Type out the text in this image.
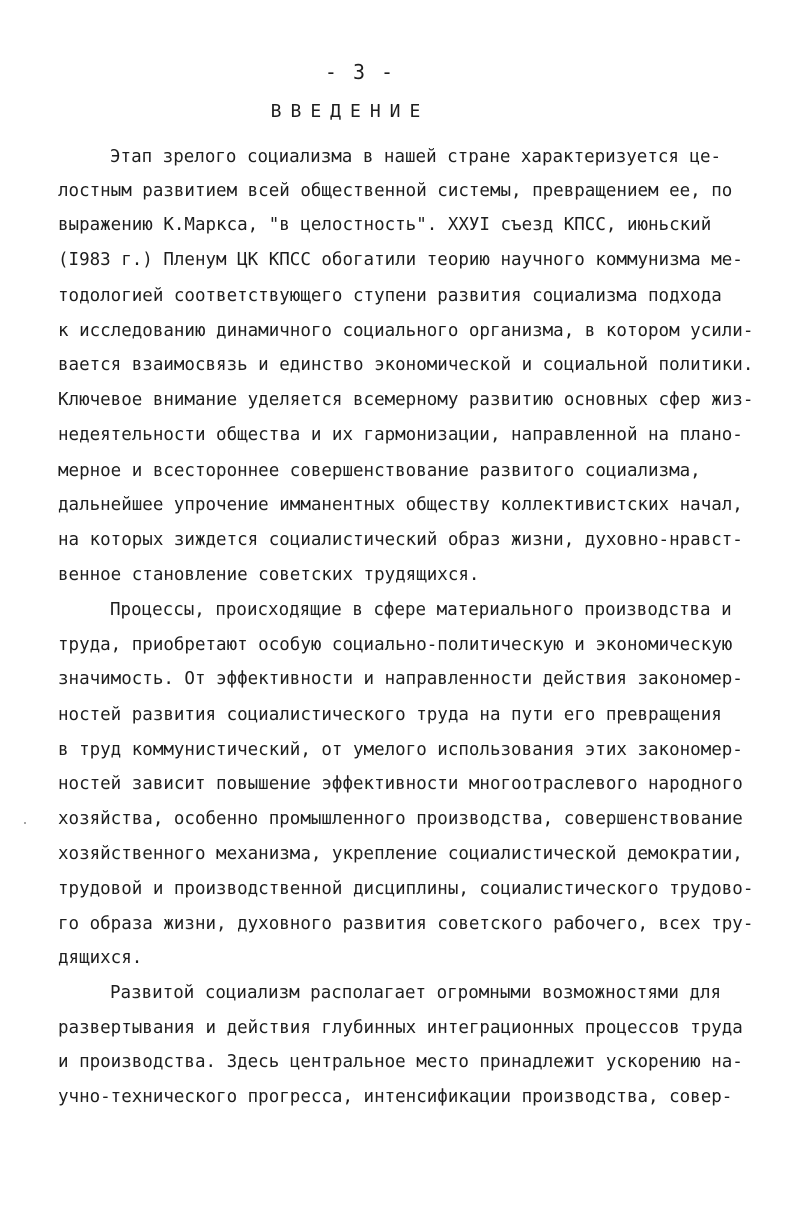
- 3 -
ВВЕДЕНИЕ
Этап зрелого социализма в нашей стране характеризуется це-
лостным развитием всей общественной системы, превращением ее, по
выражению К.Маркса, "в целостность". ХХУI съезд КПСС, июньский
(I983 г.) Пленум ЦК КПСС обогатили теорию научного коммунизма ме-
тодологией соответствующего ступени развития социализма подхода
к исследованию динамичного социального организма, в котором усили-
вается взаимосвязь и единство экономической и социальной политики.
Ключевое внимание уделяется всемерному развитию основных сфер жиз-
недеятельности общества и их гармонизации, направленной на плано-
мерное и всестороннее совершенствование развитого социализма,
дальнейшее упрочение имманентных обществу коллективистских начал,
на которых зиждется социалистический образ жизни, духовно-нравст-
венное становление советских трудящихся.
Процессы, происходящие в сфере материального производства и
труда, приобретают особую социально-политическую и экономическую
значимость. От эффективности и направленности действия закономер-
ностей развития социалистического труда на пути его превращения
в труд коммунистический, от умелого использования этих закономер-
ностей зависит повышение эффективности многоотраслевого народного
хозяйства, особенно промышленного производства, совершенствование
хозяйственного механизма, укрепление социалистической демократии,
трудовой и производственной дисциплины, социалистического трудово-
го образа жизни, духовного развития советского рабочего, всех тру-
дящихся.
Развитой социализм располагает огромными возможностями для
развертывания и действия глубинных интеграционных процессов труда
и производства. Здесь центральное место принадлежит ускорению на-
учно-технического прогресса, интенсификации производства, совер-
